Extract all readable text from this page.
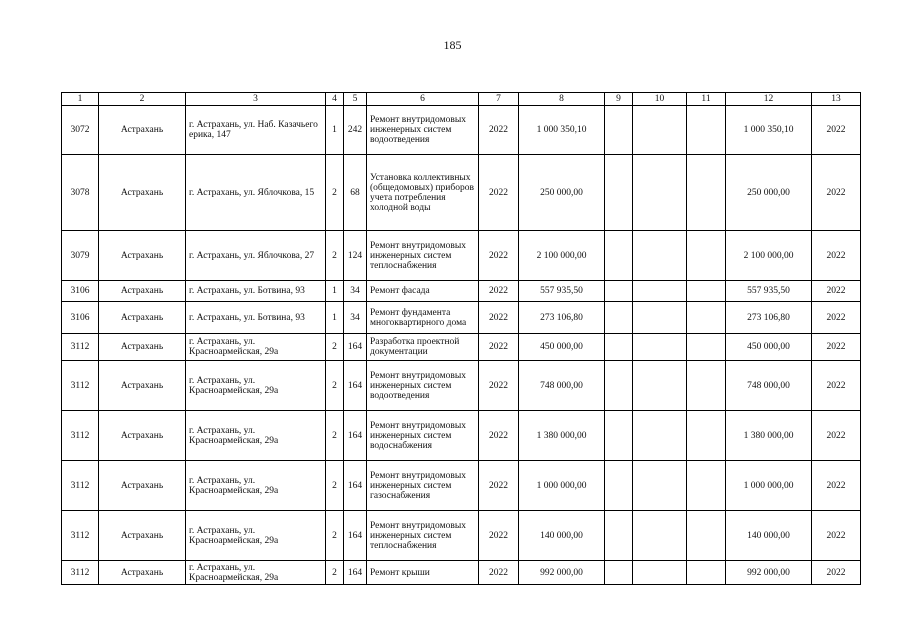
185
1	2	3	4	5	6	7	8	9	10	11	12	13
3072	Астрахань	г. Астрахань, ул. Наб. Казачьего ерика, 147	1	242	Ремонт внутридомовых инженерных систем водоотведения	2022	1 000 350,10				1 000 350,10	2022
3078	Астрахань	г. Астрахань, ул. Яблочкова, 15	2	68	Установка коллективных (общедомовых) приборов учета потребления холодной воды	2022	250 000,00				250 000,00	2022
3079	Астрахань	г. Астрахань, ул. Яблочкова, 27	2	124	Ремонт внутридомовых инженерных систем теплоснабжения	2022	2 100 000,00				2 100 000,00	2022
3106	Астрахань	г. Астрахань, ул. Ботвина, 93	1	34	Ремонт фасада	2022	557 935,50				557 935,50	2022
3106	Астрахань	г. Астрахань, ул. Ботвина, 93	1	34	Ремонт фундамента многоквартирного дома	2022	273 106,80				273 106,80	2022
3112	Астрахань	г. Астрахань, ул. Красноармейская, 29а	2	164	Разработка проектной документации	2022	450 000,00				450 000,00	2022
3112	Астрахань	г. Астрахань, ул. Красноармейская, 29а	2	164	Ремонт внутридомовых инженерных систем водоотведения	2022	748 000,00				748 000,00	2022
3112	Астрахань	г. Астрахань, ул. Красноармейская, 29а	2	164	Ремонт внутридомовых инженерных систем водоснабжения	2022	1 380 000,00				1 380 000,00	2022
3112	Астрахань	г. Астрахань, ул. Красноармейская, 29а	2	164	Ремонт внутридомовых инженерных систем газоснабжения	2022	1 000 000,00				1 000 000,00	2022
3112	Астрахань	г. Астрахань, ул. Красноармейская, 29а	2	164	Ремонт внутридомовых инженерных систем теплоснабжения	2022	140 000,00				140 000,00	2022
3112	Астрахань	г. Астрахань, ул. Красноармейская, 29а	2	164	Ремонт крыши	2022	992 000,00				992 000,00	2022
